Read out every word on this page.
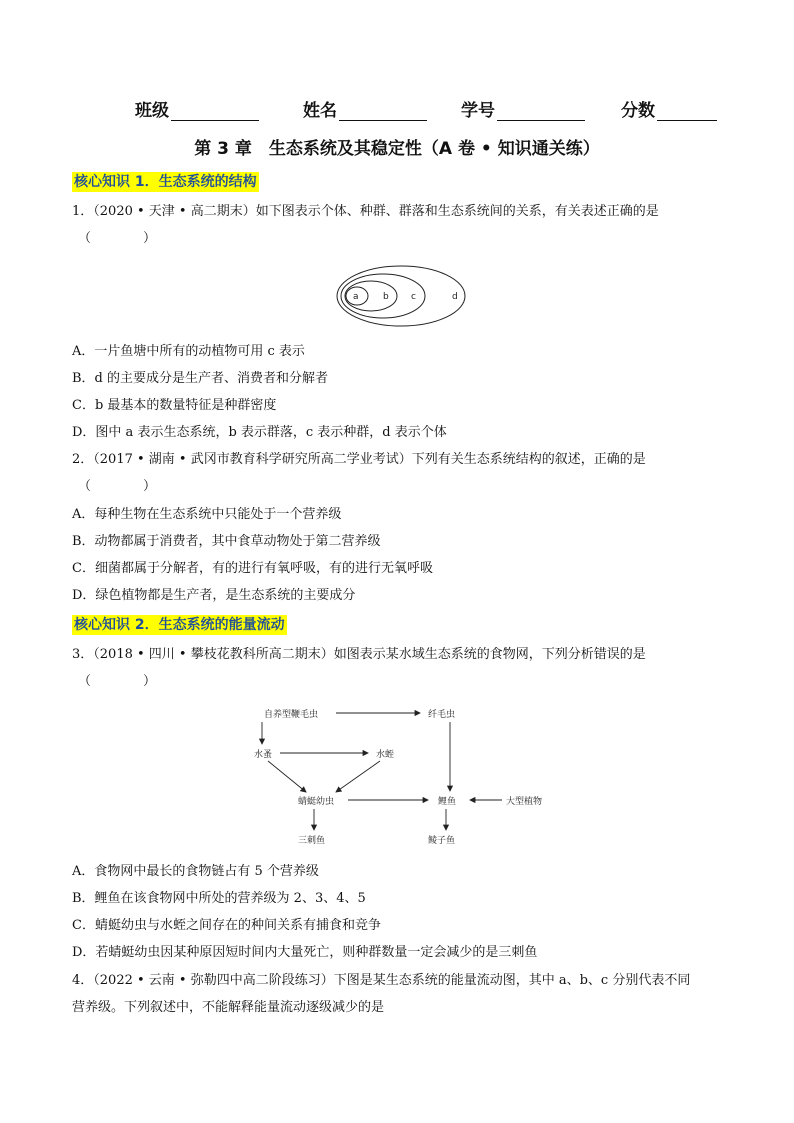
班级	姓名	学号	分数
第 3 章　生态系统及其稳定性（A 卷 • 知识通关练）
核心知识 1．生态系统的结构
1．（2020 • 天津 • 高二期末）如下图表示个体、种群、群落和生态系统间的关系，有关表述正确的是
（　　　　）
a	b c	d
A．一片鱼塘中所有的动植物可用 c 表示
B．d 的主要成分是生产者、消费者和分解者
C．b 最基本的数量特征是种群密度
D．图中 a 表示生态系统，b 表示群落，c 表示种群，d 表示个体
2．（2017 • 湖南 • 武冈市教育科学研究所高二学业考试）下列有关生态系统结构的叙述，正确的是
（　　　　）
A．每种生物在生态系统中只能处于一个营养级
B．动物都属于消费者，其中食草动物处于第二营养级
C．细菌都属于分解者，有的进行有氧呼吸，有的进行无氧呼吸
D．绿色植物都是生产者，是生态系统的主要成分
核心知识 2．生态系统的能量流动
3．（2018 • 四川 • 攀枝花教科所高二期末）如图表示某水域生态系统的食物网，下列分析错误的是
（　　　　）
自养型鞭毛虫	纤毛虫
水蚤	水蛭
蜻蜓幼虫	鲤鱼	大型植物
三刺鱼	鲮子鱼
A．食物网中最长的食物链占有 5 个营养级
B．鲤鱼在该食物网中所处的营养级为 2、3、4、5
C．蜻蜓幼虫与水蛭之间存在的种间关系有捕食和竞争
D．若蜻蜓幼虫因某种原因短时间内大量死亡，则种群数量一定会减少的是三刺鱼
4．（2022 • 云南 • 弥勒四中高二阶段练习）下图是某生态系统的能量流动图，其中 a、b、c 分别代表不同
营养级。下列叙述中，不能解释能量流动逐级减少的是
